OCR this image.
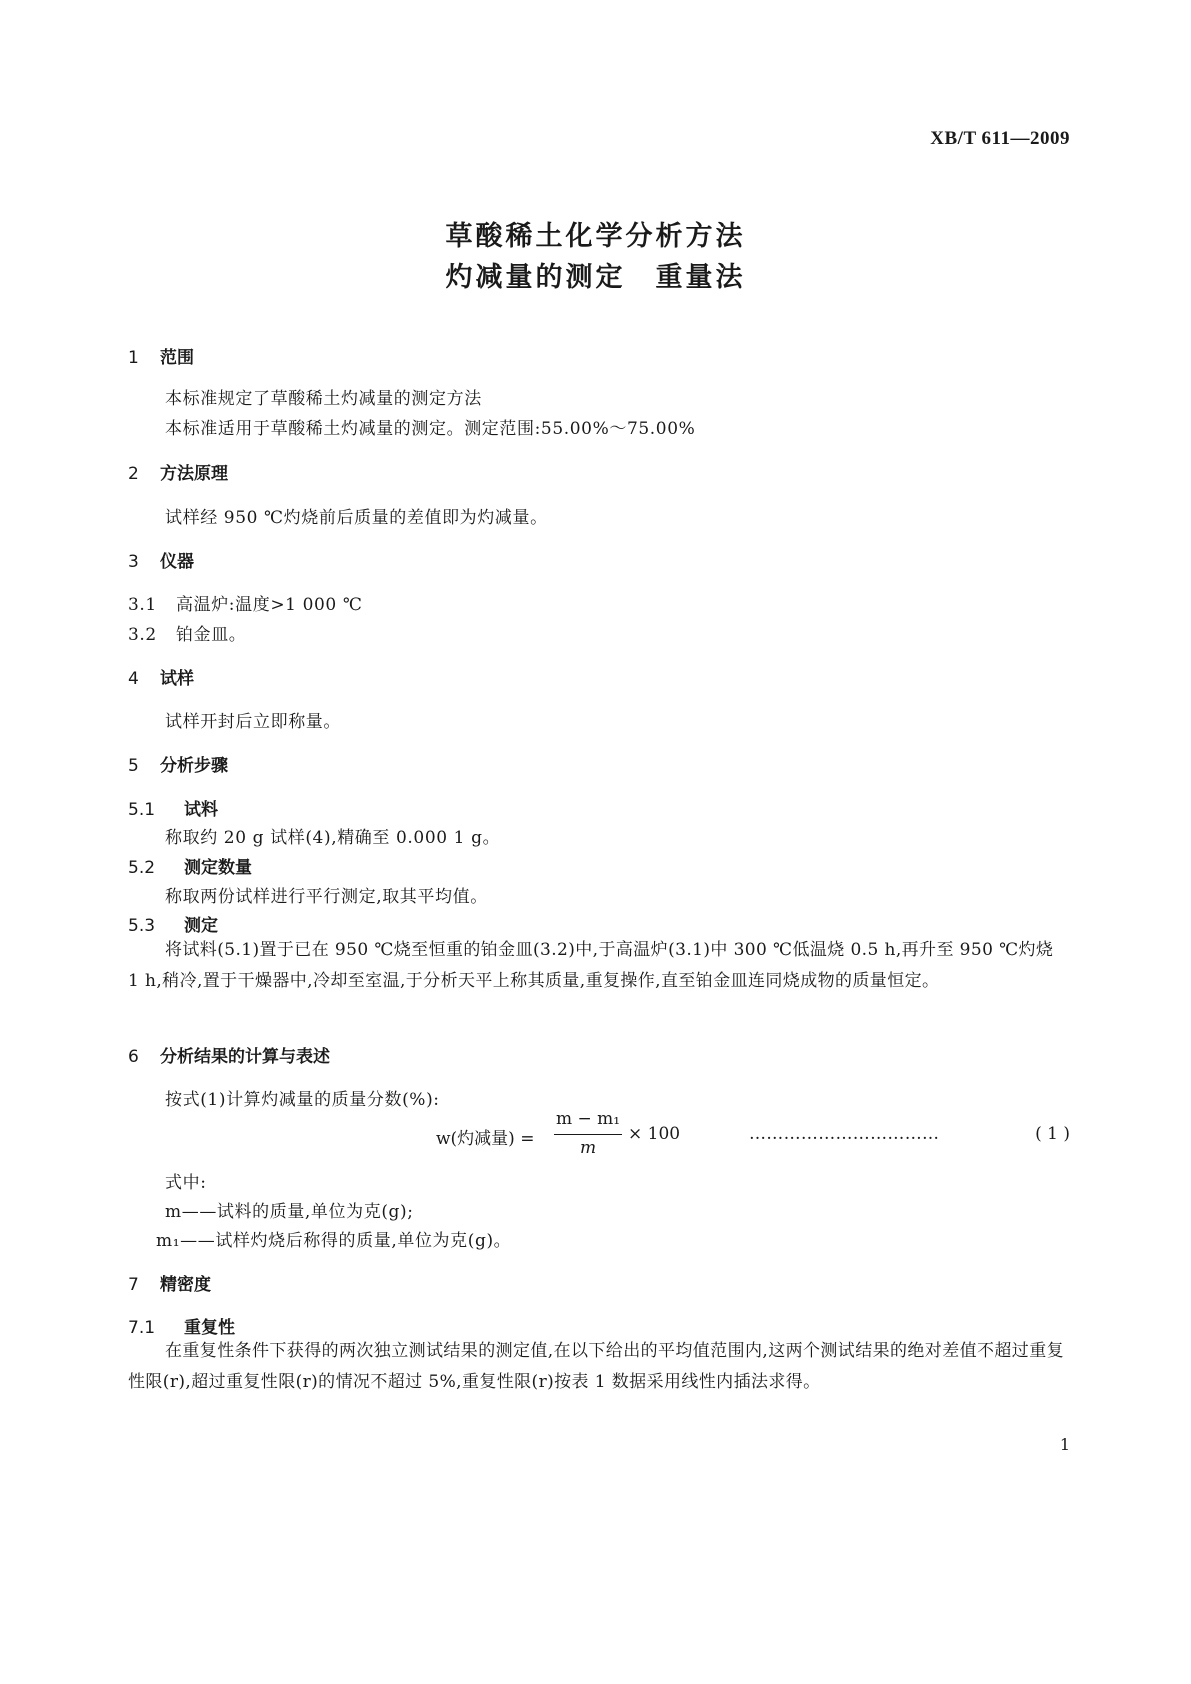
XB/T 611—2009
草酸稀土化学分析方法
灼减量的测定　重量法
1 范围
本标准规定了草酸稀土灼减量的测定方法
本标准适用于草酸稀土灼减量的测定。测定范围:55.00%～75.00%
2 方法原理
试样经 950 ℃灼烧前后质量的差值即为灼减量。
3 仪器
3.1 高温炉:温度>1 000 ℃
3.2 铂金皿。
4 试样
试样开封后立即称量。
5 分析步骤
5.1 试料
称取约 20 g 试样(4),精确至 0.000 1 g。
5.2 测定数量
称取两份试样进行平行测定,取其平均值。
5.3 测定
将试料(5.1)置于已在 950 ℃烧至恒重的铂金皿(3.2)中,于高温炉(3.1)中 300 ℃低温烧 0.5 h,再升至 950 ℃灼烧 1 h,稍冷,置于干燥器中,冷却至室温,于分析天平上称其质量,重复操作,直至铂金皿连同烧成物的质量恒定。
6 分析结果的计算与表述
按式(1)计算灼减量的质量分数(%):
w(灼减量) =
m − m₁
m
× 100	……………………………	( 1 )
式中:
m——试料的质量,单位为克(g);
m₁——试样灼烧后称得的质量,单位为克(g)。
7 精密度
7.1 重复性
在重复性条件下获得的两次独立测试结果的测定值,在以下给出的平均值范围内,这两个测试结果的绝对差值不超过重复性限(r),超过重复性限(r)的情况不超过 5%,重复性限(r)按表 1 数据采用线性内插法求得。
1
